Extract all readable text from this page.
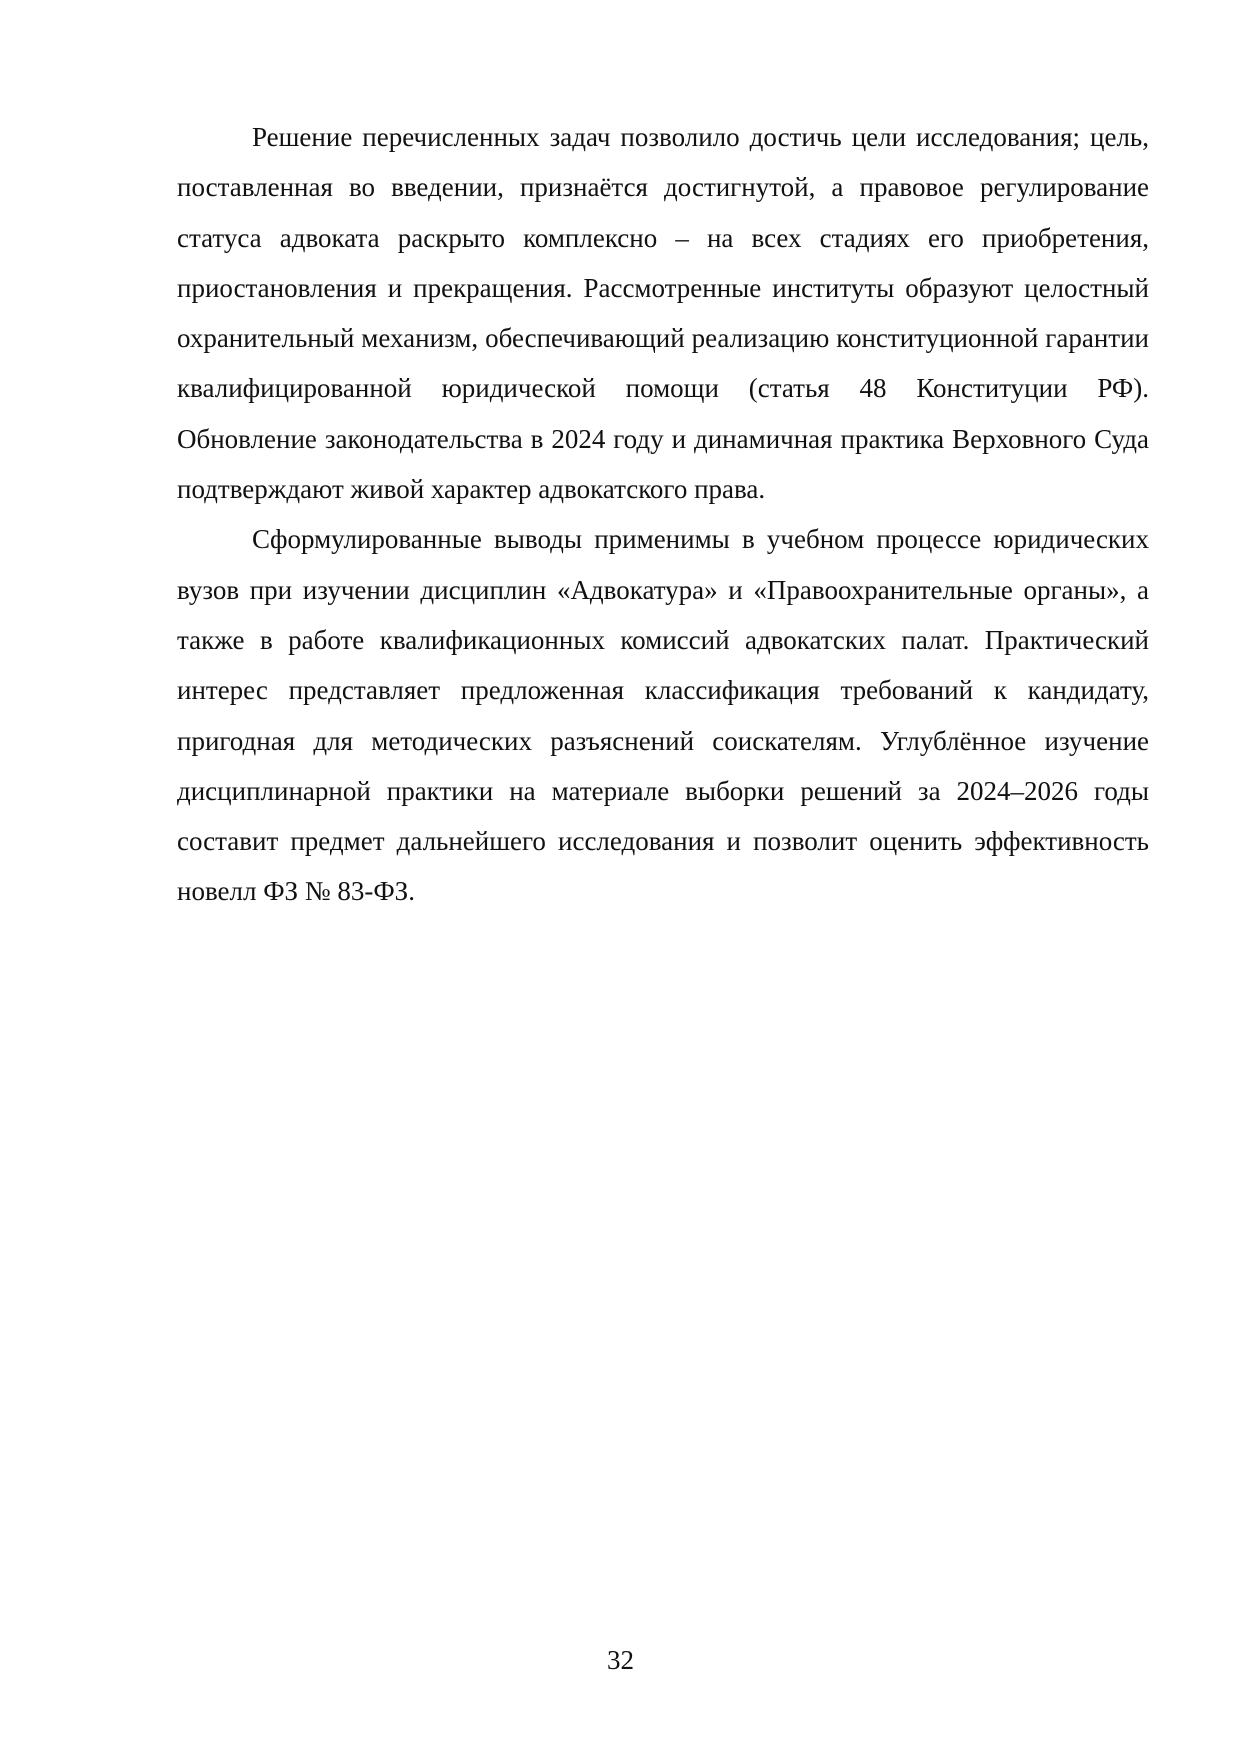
Решение перечисленных задач позволило достичь цели исследования; цель, поставленная во введении, признаётся достигнутой, а правовое регулирование статуса адвоката раскрыто комплексно – на всех стадиях его приобретения, приостановления и прекращения. Рассмотренные институты образуют целостный охранительный механизм, обеспечивающий реализацию конституционной гарантии квалифицированной юридической помощи (статья 48 Конституции РФ). Обновление законодательства в 2024 году и динамичная практика Верховного Суда подтверждают живой характер адвокатского права.

Сформулированные выводы применимы в учебном процессе юридических вузов при изучении дисциплин «Адвокатура» и «Правоохранительные органы», а также в работе квалификационных комиссий адвокатских палат. Практический интерес представляет предложенная классификация требований к кандидату, пригодная для методических разъяснений соискателям. Углублённое изучение дисциплинарной практики на материале выборки решений за 2024–2026 годы составит предмет дальнейшего исследования и позволит оценить эффективность новелл ФЗ № 83-ФЗ.

32
